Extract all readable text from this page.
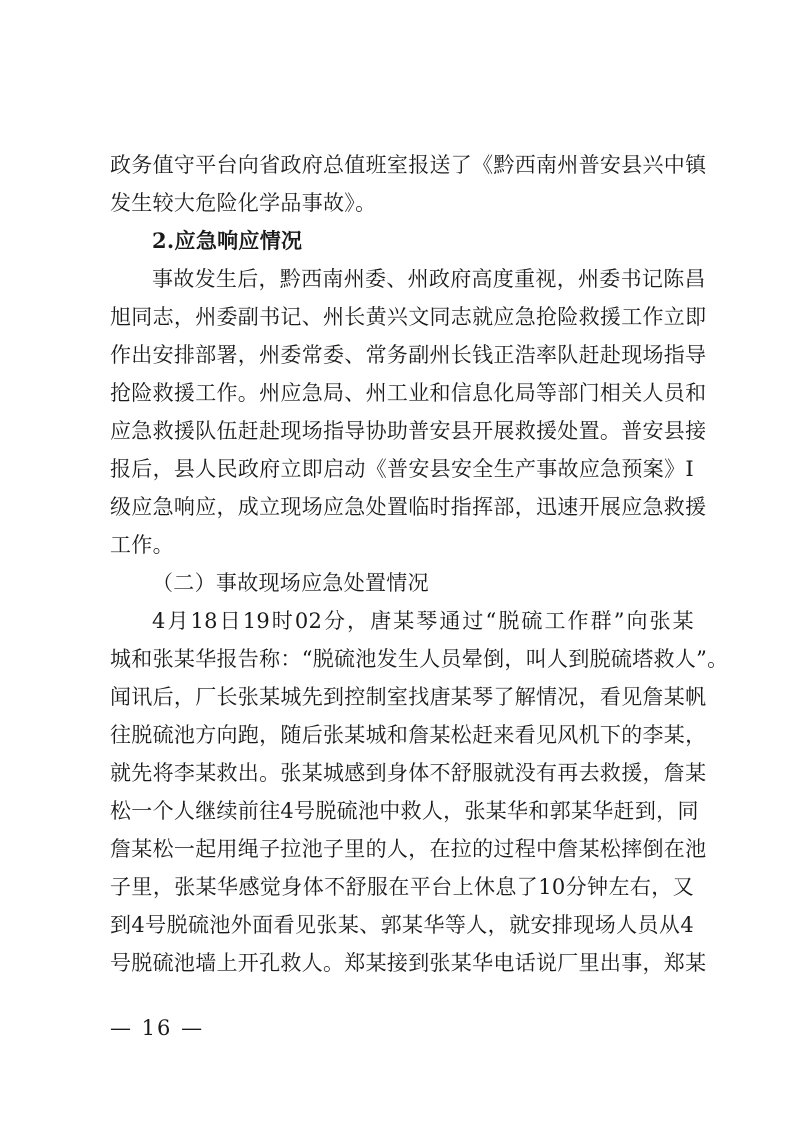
政务值守平台向省政府总值班室报送了《黔西南州普安县兴中镇
发生较大危险化学品事故》。
2.应急响应情况
事故发生后，黔西南州委、州政府高度重视，州委书记陈昌
旭同志，州委副书记、州长黄兴文同志就应急抢险救援工作立即
作出安排部署，州委常委、常务副州长钱正浩率队赶赴现场指导
抢险救援工作。州应急局、州工业和信息化局等部门相关人员和
应急救援队伍赶赴现场指导协助普安县开展救援处置。普安县接
报后，县人民政府立即启动《普安县安全生产事故应急预案》I
级应急响应，成立现场应急处置临时指挥部，迅速开展应急救援
工作。
（二）事故现场应急处置情况
4月18日19时02分，唐某琴通过“脱硫工作群”向张某
城和张某华报告称：“脱硫池发生人员晕倒，叫人到脱硫塔救人”。
闻讯后，厂长张某城先到控制室找唐某琴了解情况，看见詹某帆
往脱硫池方向跑，随后张某城和詹某松赶来看见风机下的李某，
就先将李某救出。张某城感到身体不舒服就没有再去救援，詹某
松一个人继续前往4号脱硫池中救人，张某华和郭某华赶到，同
詹某松一起用绳子拉池子里的人，在拉的过程中詹某松摔倒在池
子里，张某华感觉身体不舒服在平台上休息了10分钟左右，又
到4号脱硫池外面看见张某、郭某华等人，就安排现场人员从4
号脱硫池墙上开孔救人。郑某接到张某华电话说厂里出事，郑某
— 16 —
